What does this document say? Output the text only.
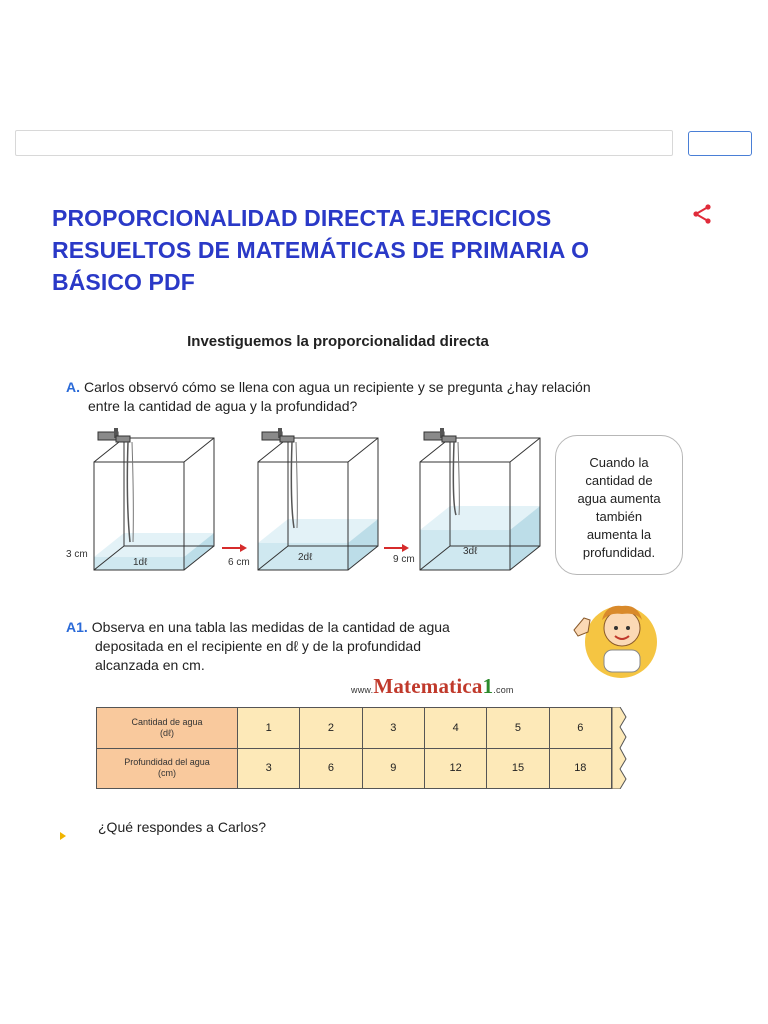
PROPORCIONALIDAD DIRECTA EJERCICIOS RESUELTOS DE MATEMÁTICAS DE PRIMARIA O BÁSICO PDF
Investiguemos la proporcionalidad directa
A. Carlos observó cómo se llena con agua un recipiente y se pregunta ¿hay relación
entre la cantidad de agua y la profundidad?
3 cm
1dℓ	6 cm	2dℓ	9 cm
3dℓ
Cuando la
cantidad de
agua aumenta
también
aumenta la
profundidad.
A1. Observa en una tabla las medidas de la cantidad de agua
depositada en el recipiente en dℓ y de la profundidad
alcanzada en cm.
www.Matematica1.com
Cantidad de agua
(dℓ)	1	2	3	4	5	6
Profundidad del agua
(cm)	3	6	9	12	15	18
¿Qué respondes a Carlos?
